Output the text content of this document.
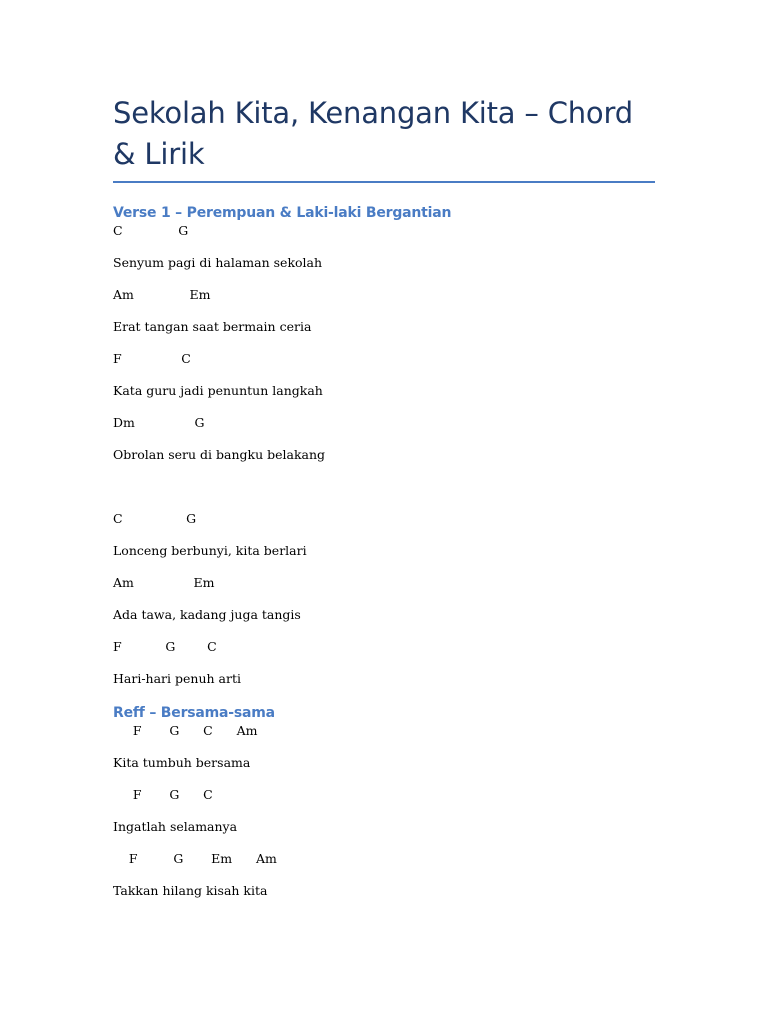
Sekolah Kita, Kenangan Kita – Chord & Lirik
Verse 1 – Perempuan & Laki-laki Bergantian
C              G
Senyum pagi di halaman sekolah
Am              Em
Erat tangan saat bermain ceria
F               C
Kata guru jadi penuntun langkah
Dm               G
Obrolan seru di bangku belakang
C                G
Lonceng berbunyi, kita berlari
Am               Em
Ada tawa, kadang juga tangis
F           G        C
Hari-hari penuh arti
Reff – Bersama-sama
F       G      C      Am
Kita tumbuh bersama
F       G      C
Ingatlah selamanya
F         G       Em      Am
Takkan hilang kisah kita
